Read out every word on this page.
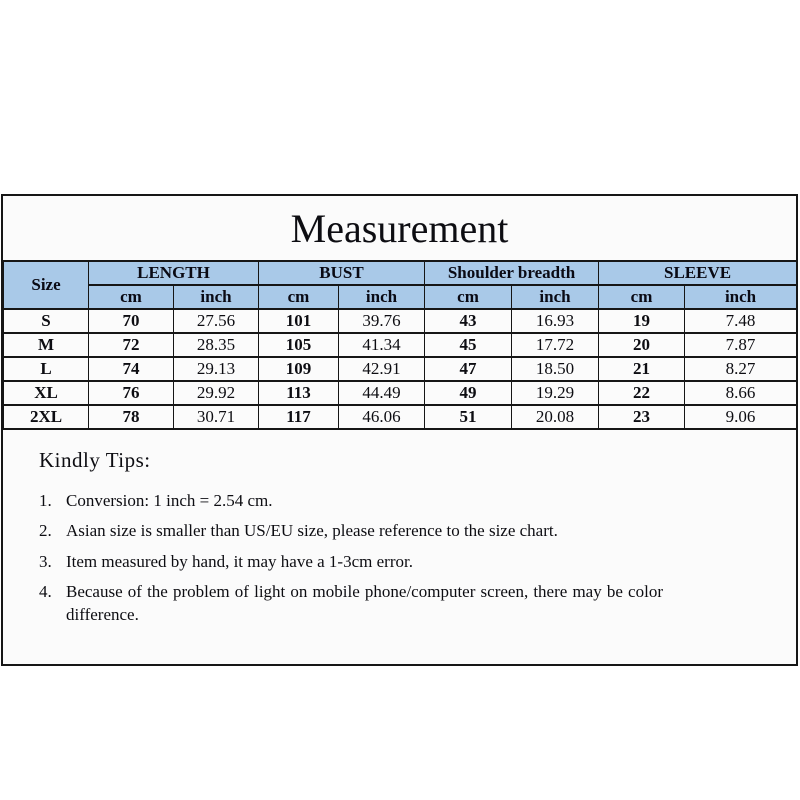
Measurement
Size	LENGTH		BUST		Shoulder breadth		SLEEVE	
	cm	inch	cm	inch	cm	inch	cm	inch
S	70	27.56	101	39.76	43	16.93	19	7.48
M	72	28.35	105	41.34	45	17.72	20	7.87
L	74	29.13	109	42.91	47	18.50	21	8.27
XL	76	29.92	113	44.49	49	19.29	22	8.66
2XL	78	30.71	117	46.06	51	20.08	23	9.06
Kindly Tips:
1. Conversion: 1 inch = 2.54 cm.
2. Asian size is smaller than US/EU size, please reference to the size chart.
3. Item measured by hand, it may have a 1-3cm error.
4. Because of the problem of light on mobile phone/computer screen, there may be color difference.
